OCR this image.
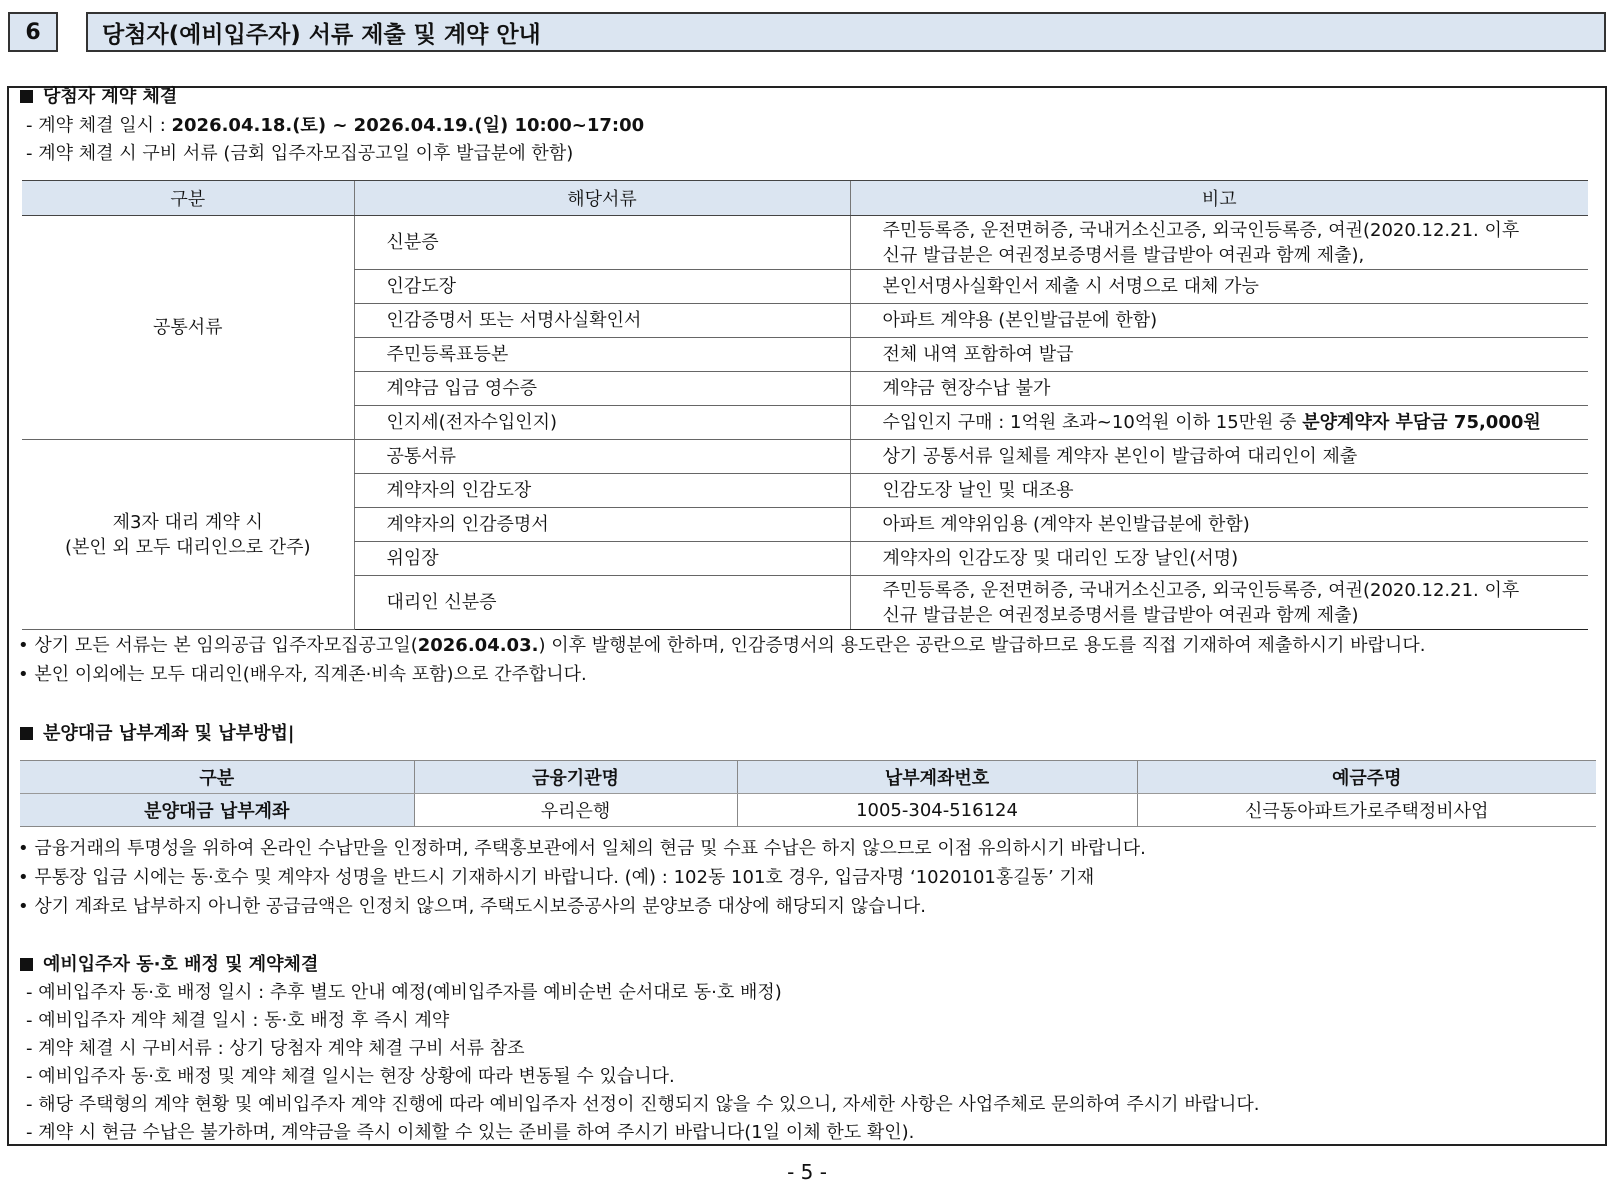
6	당첨자(예비입주자) 서류 제출 및 계약 안내
당첨자 계약 체결
- 계약 체결 일시 : 2026.04.18.(토) ~ 2026.04.19.(일) 10:00~17:00
- 계약 체결 시 구비 서류 (금회 입주자모집공고일 이후 발급분에 한함)
구분	해당서류	비고
공통서류	신분증	주민등록증, 운전면허증, 국내거소신고증, 외국인등록증, 여권(2020.12.21. 이후
신규 발급분은 여권정보증명서를 발급받아 여권과 함께 제출),

	인감도장	본인서명사실확인서 제출 시 서명으로 대체 가능
	인감증명서 또는 서명사실확인서	아파트 계약용 (본인발급분에 한함)
	주민등록표등본	전체 내역 포함하여 발급
	계약금 입금 영수증	계약금 현장수납 불가
	인지세(전자수입인지)	수입인지 구매 : 1억원 초과~10억원 이하 15만원 중 분양계약자 부담금 75,000원

제3자 대리 계약 시
(본인 외 모두 대리인으로 간주)	공통서류	상기 공통서류 일체를 계약자 본인이 발급하여 대리인이 제출
	계약자의 인감도장	인감도장 날인 및 대조용
	계약자의 인감증명서	아파트 계약위임용 (계약자 본인발급분에 한함)
	위임장	계약자의 인감도장 및 대리인 도장 날인(서명)
	대리인 신분증	주민등록증, 운전면허증, 국내거소신고증, 외국인등록증, 여권(2020.12.21. 이후
신규 발급분은 여권정보증명서를 발급받아 여권과 함께 제출)
• 상기 모든 서류는 본 임의공급 입주자모집공고일(2026.04.03.) 이후 발행분에 한하며, 인감증명서의 용도란은 공란으로 발급하므로 용도를 직접 기재하여 제출하시기 바랍니다.
• 본인 이외에는 모두 대리인(배우자, 직계존·비속 포함)으로 간주합니다.
분양대금 납부계좌 및 납부방법|
구분	금융기관명	납부계좌번호	예금주명
분양대금 납부계좌	우리은행	1005-304-516124	신극동아파트가로주택정비사업
• 금융거래의 투명성을 위하여 온라인 수납만을 인정하며, 주택홍보관에서 일체의 현금 및 수표 수납은 하지 않으므로 이점 유의하시기 바랍니다.
• 무통장 입금 시에는 동·호수 및 계약자 성명을 반드시 기재하시기 바랍니다. (예) : 102동 101호 경우, 입금자명 ‘1020101홍길동’ 기재
• 상기 계좌로 납부하지 아니한 공급금액은 인정치 않으며, 주택도시보증공사의 분양보증 대상에 해당되지 않습니다.
예비입주자 동·호 배정 및 계약체결
- 예비입주자 동·호 배정 일시 : 추후 별도 안내 예정(예비입주자를 예비순번 순서대로 동·호 배정)
- 예비입주자 계약 체결 일시 : 동·호 배정 후 즉시 계약
- 계약 체결 시 구비서류 : 상기 당첨자 계약 체결 구비 서류 참조
- 예비입주자 동·호 배정 및 계약 체결 일시는 현장 상황에 따라 변동될 수 있습니다.
- 해당 주택형의 계약 현황 및 예비입주자 계약 진행에 따라 예비입주자 선정이 진행되지 않을 수 있으니, 자세한 사항은 사업주체로 문의하여 주시기 바랍니다.
- 계약 시 현금 수납은 불가하며, 계약금을 즉시 이체할 수 있는 준비를 하여 주시기 바랍니다(1일 이체 한도 확인).
- 5 -
